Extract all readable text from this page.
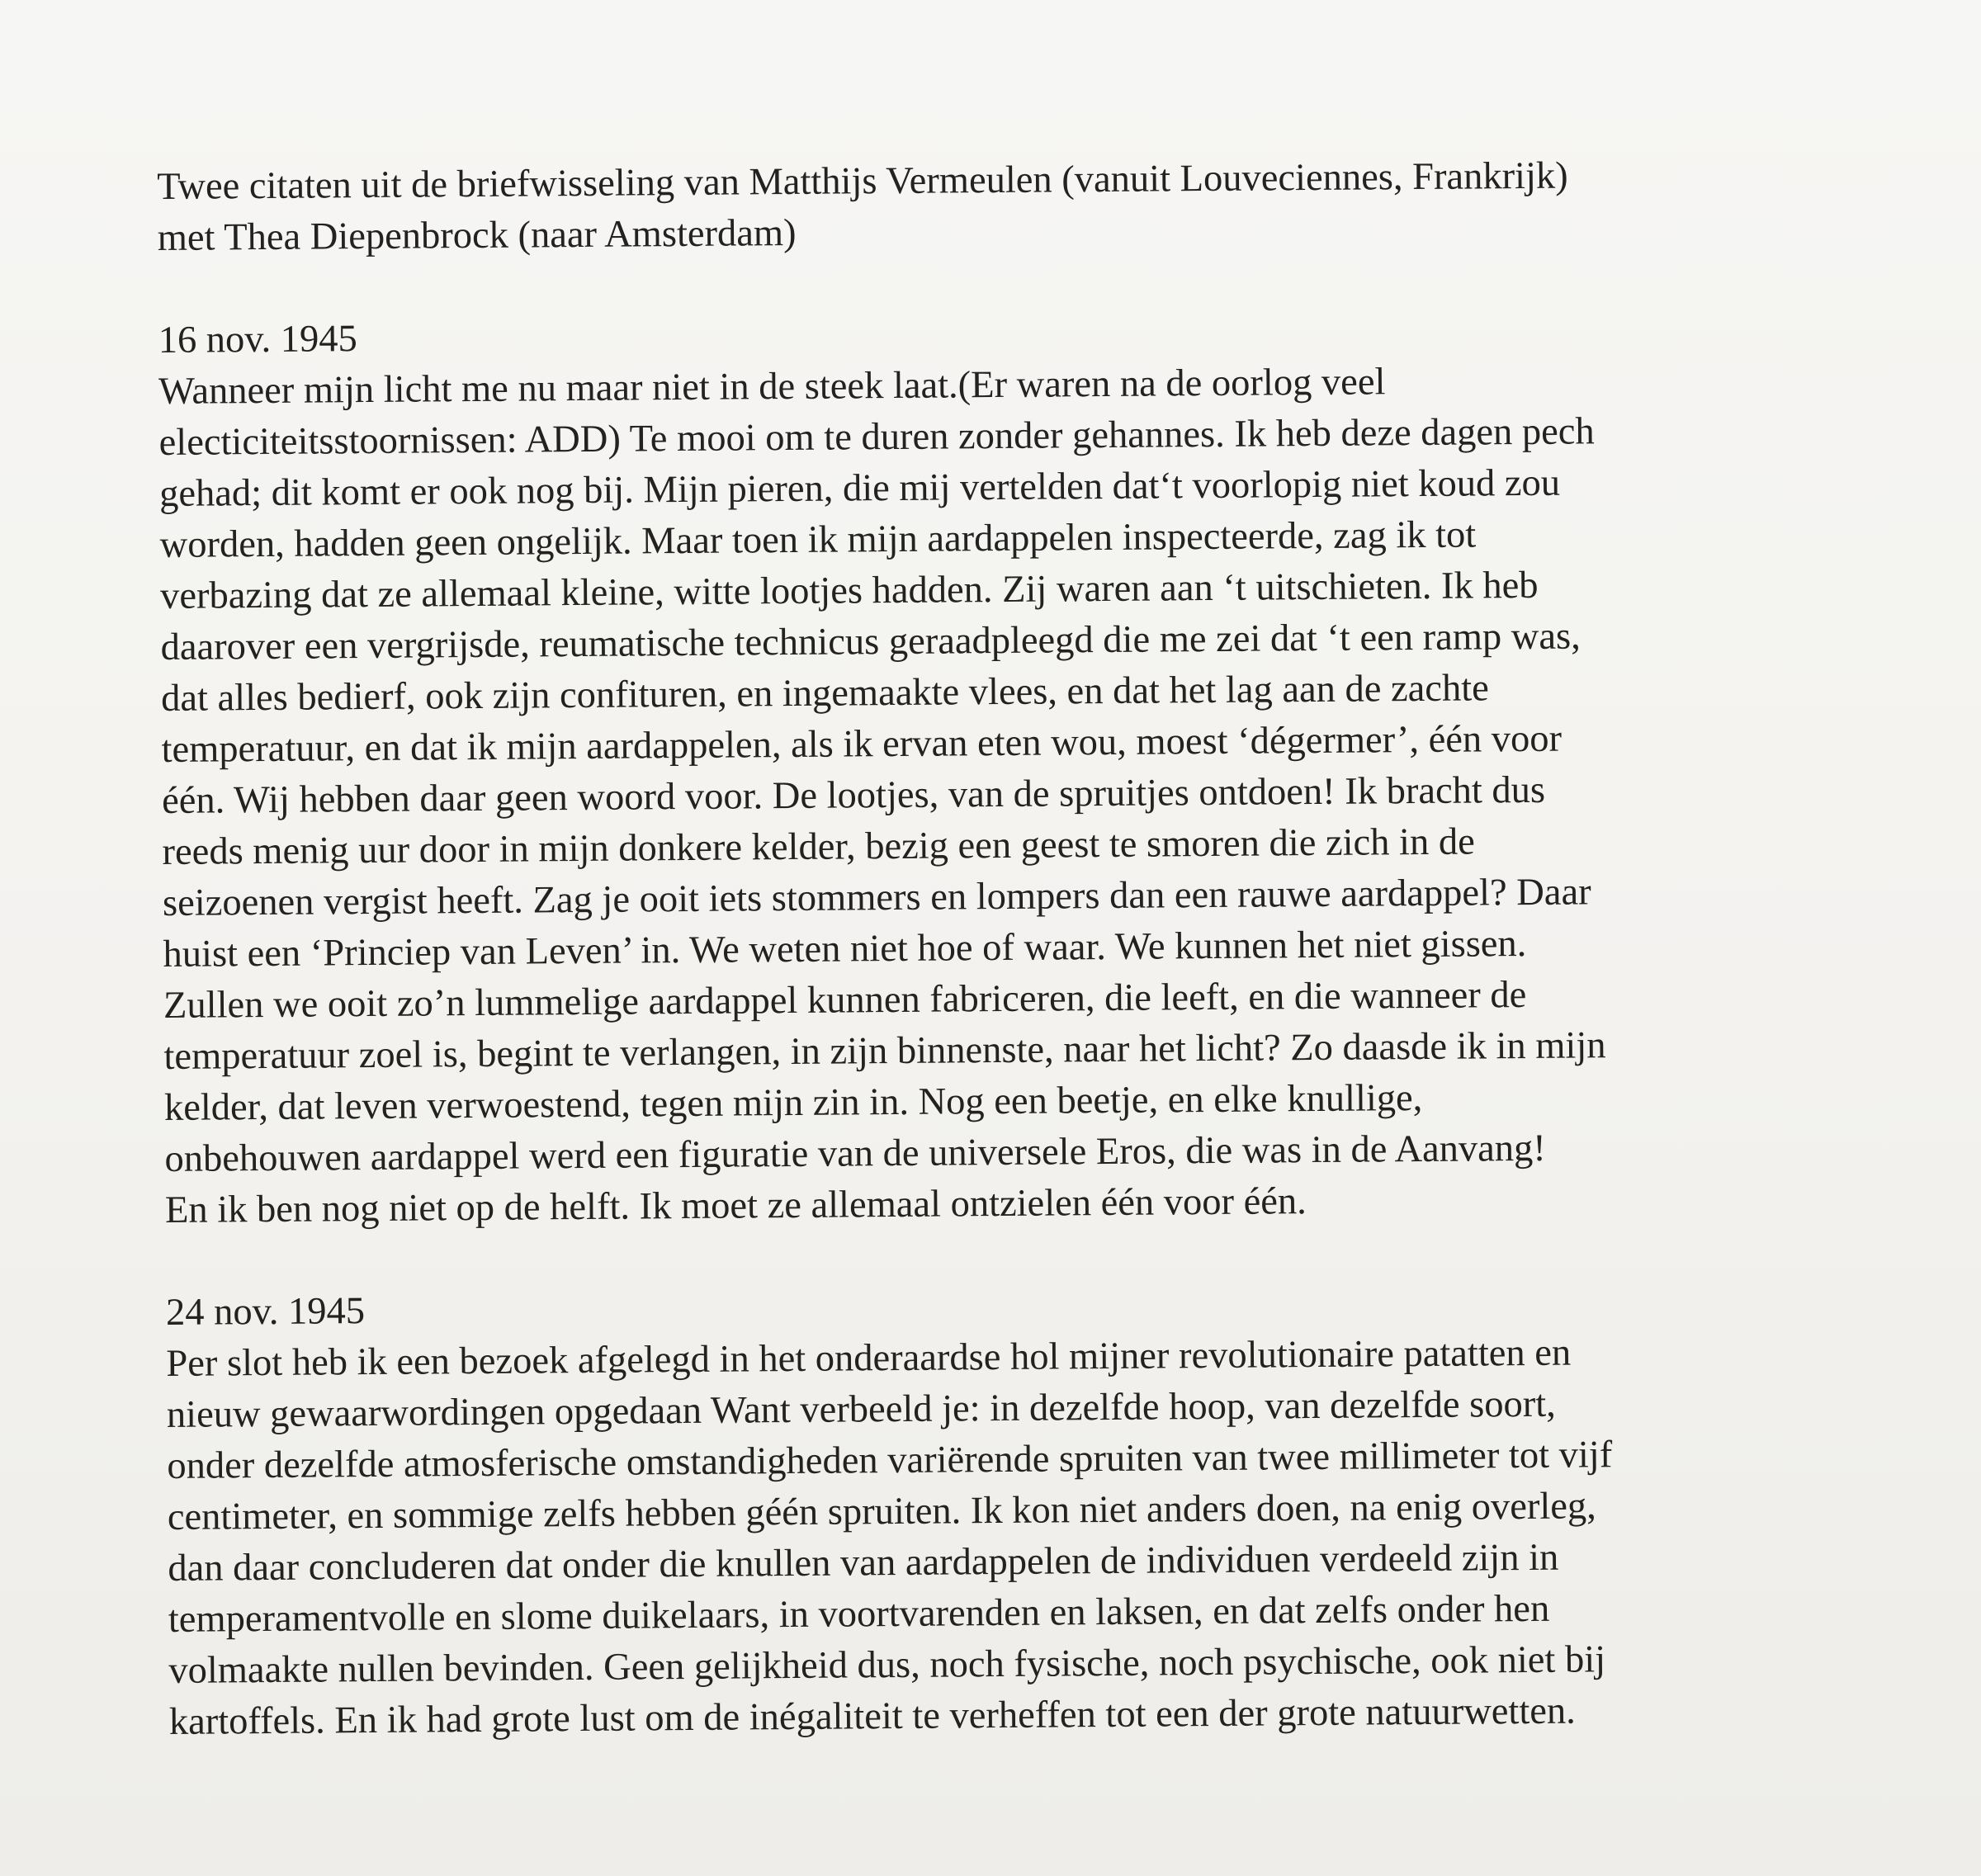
Twee citaten uit de briefwisseling van Matthijs Vermeulen (vanuit Louveciennes, Frankrijk)
met Thea Diepenbrock (naar Amsterdam)
16 nov. 1945
Wanneer mijn licht me nu maar niet in de steek laat.(Er waren na de oorlog veel
electiciteitsstoornissen: ADD) Te mooi om te duren zonder gehannes. Ik heb deze dagen pech
gehad; dit komt er ook nog bij. Mijn pieren, die mij vertelden dat‘t voorlopig niet koud zou
worden, hadden geen ongelijk. Maar toen ik mijn aardappelen inspecteerde, zag ik tot
verbazing dat ze allemaal kleine, witte lootjes hadden. Zij waren aan ‘t uitschieten. Ik heb
daarover een vergrijsde, reumatische technicus geraadpleegd die me zei dat ‘t een ramp was,
dat alles bedierf, ook zijn confituren, en ingemaakte vlees, en dat het lag aan de zachte
temperatuur, en dat ik mijn aardappelen, als ik ervan eten wou, moest ‘dégermer’, één voor
één. Wij hebben daar geen woord voor. De lootjes, van de spruitjes ontdoen! Ik bracht dus
reeds menig uur door in mijn donkere kelder, bezig een geest te smoren die zich in de
seizoenen vergist heeft. Zag je ooit iets stommers en lompers dan een rauwe aardappel? Daar
huist een ‘Princiep van Leven’ in. We weten niet hoe of waar. We kunnen het niet gissen.
Zullen we ooit zo’n lummelige aardappel kunnen fabriceren, die leeft, en die wanneer de
temperatuur zoel is, begint te verlangen, in zijn binnenste, naar het licht? Zo daasde ik in mijn
kelder, dat leven verwoestend, tegen mijn zin in. Nog een beetje, en elke knullige,
onbehouwen aardappel werd een figuratie van de universele Eros, die was in de Aanvang!
En ik ben nog niet op de helft. Ik moet ze allemaal ontzielen één voor één.
24 nov. 1945
Per slot heb ik een bezoek afgelegd in het onderaardse hol mijner revolutionaire patatten en
nieuw gewaarwordingen opgedaan Want verbeeld je: in dezelfde hoop, van dezelfde soort,
onder dezelfde atmosferische omstandigheden variërende spruiten van twee millimeter tot vijf
centimeter, en sommige zelfs hebben géén spruiten. Ik kon niet anders doen, na enig overleg,
dan daar concluderen dat onder die knullen van aardappelen de individuen verdeeld zijn in
temperamentvolle en slome duikelaars, in voortvarenden en laksen, en dat zelfs onder hen
volmaakte nullen bevinden. Geen gelijkheid dus, noch fysische, noch psychische, ook niet bij
kartoffels. En ik had grote lust om de inégaliteit te verheffen tot een der grote natuurwetten.
